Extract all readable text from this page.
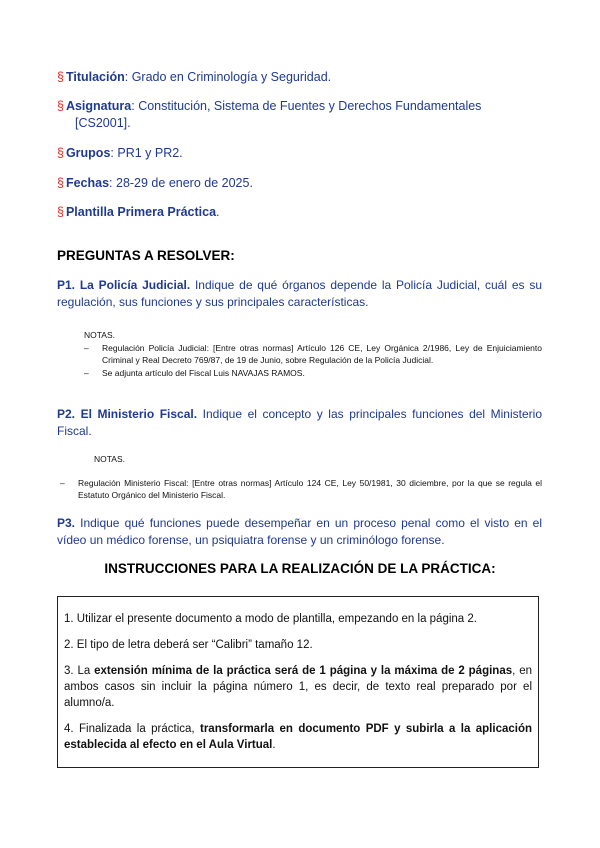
§ Titulación: Grado en Criminología y Seguridad.
§ Asignatura: Constitución, Sistema de Fuentes y Derechos Fundamentales
[CS2001].
§ Grupos: PR1 y PR2.
§ Fechas: 28-29 de enero de 2025.
§ Plantilla Primera Práctica.
PREGUNTAS A RESOLVER:
P1. La Policía Judicial. Indique de qué órganos depende la Policía Judicial, cuál es su regulación, sus funciones y sus principales características.
NOTAS.
– Regulación Policía Judicial: [Entre otras normas] Artículo 126 CE, Ley Orgánica 2/1986, Ley de Enjuiciamiento Criminal y Real Decreto 769/87, de 19 de Junio, sobre Regulación de la Policía Judicial.
– Se adjunta artículo del Fiscal Luis NAVAJAS RAMOS.
P2. El Ministerio Fiscal. Indique el concepto y las principales funciones del Ministerio Fiscal.
NOTAS.
– Regulación Ministerio Fiscal: [Entre otras normas] Artículo 124 CE, Ley 50/1981, 30 diciembre, por la que se regula el Estatuto Orgánico del Ministerio Fiscal.
P3. Indique qué funciones puede desempeñar en un proceso penal como el visto en el vídeo un médico forense, un psiquiatra forense y un criminólogo forense.
INSTRUCCIONES PARA LA REALIZACIÓN DE LA PRÁCTICA:

1. Utilizar el presente documento a modo de plantilla, empezando en la página 2.

2. El tipo de letra deberá ser “Calibri” tamaño 12.

3. La extensión mínima de la práctica será de 1 página y la máxima de 2 páginas, en ambos casos sin incluir la página número 1, es decir, de texto real preparado por el alumno/a.

4. Finalizada la práctica, transformarla en documento PDF y subirla a la aplicación establecida al efecto en el Aula Virtual.
